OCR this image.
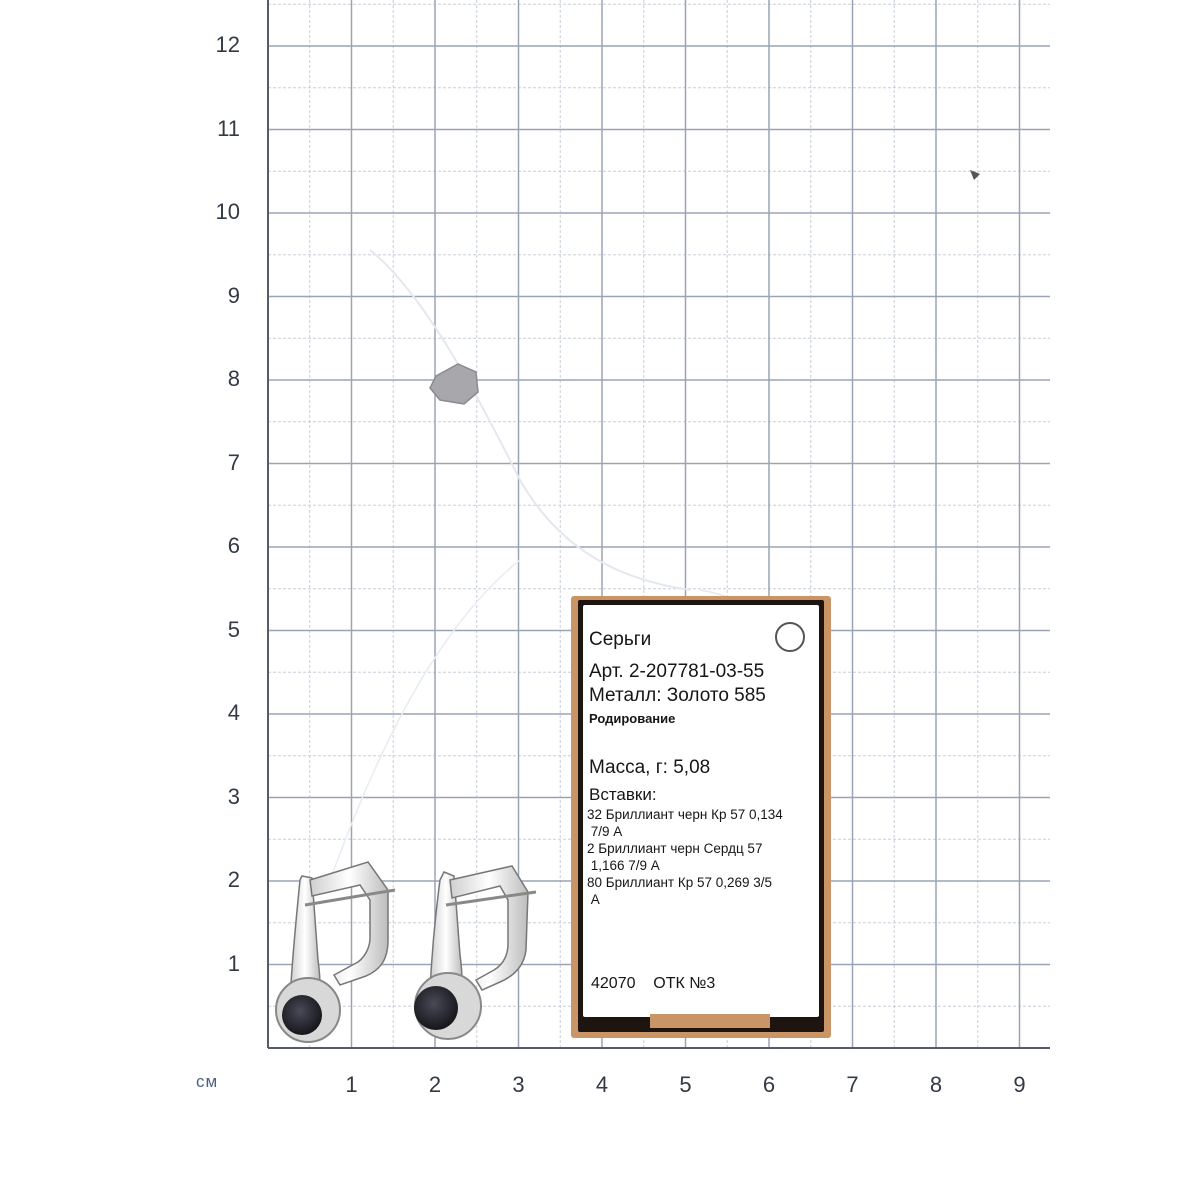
12
11
10
9
8
7
6
5
4
3
2
1
1	2	3	4	5	6	7	8	9
см
Серьги
Арт. 2-207781-03-55
Металл: Золото 585
Родирование
Масса, г: 5,08
Вставки:
32 Бриллиант черн Кр 57 0,134
7/9 А
2 Бриллиант черн Сердц 57
1,166 7/9 А
80 Бриллиант Кр 57 0,269 3/5
А
42070    ОТК №3
